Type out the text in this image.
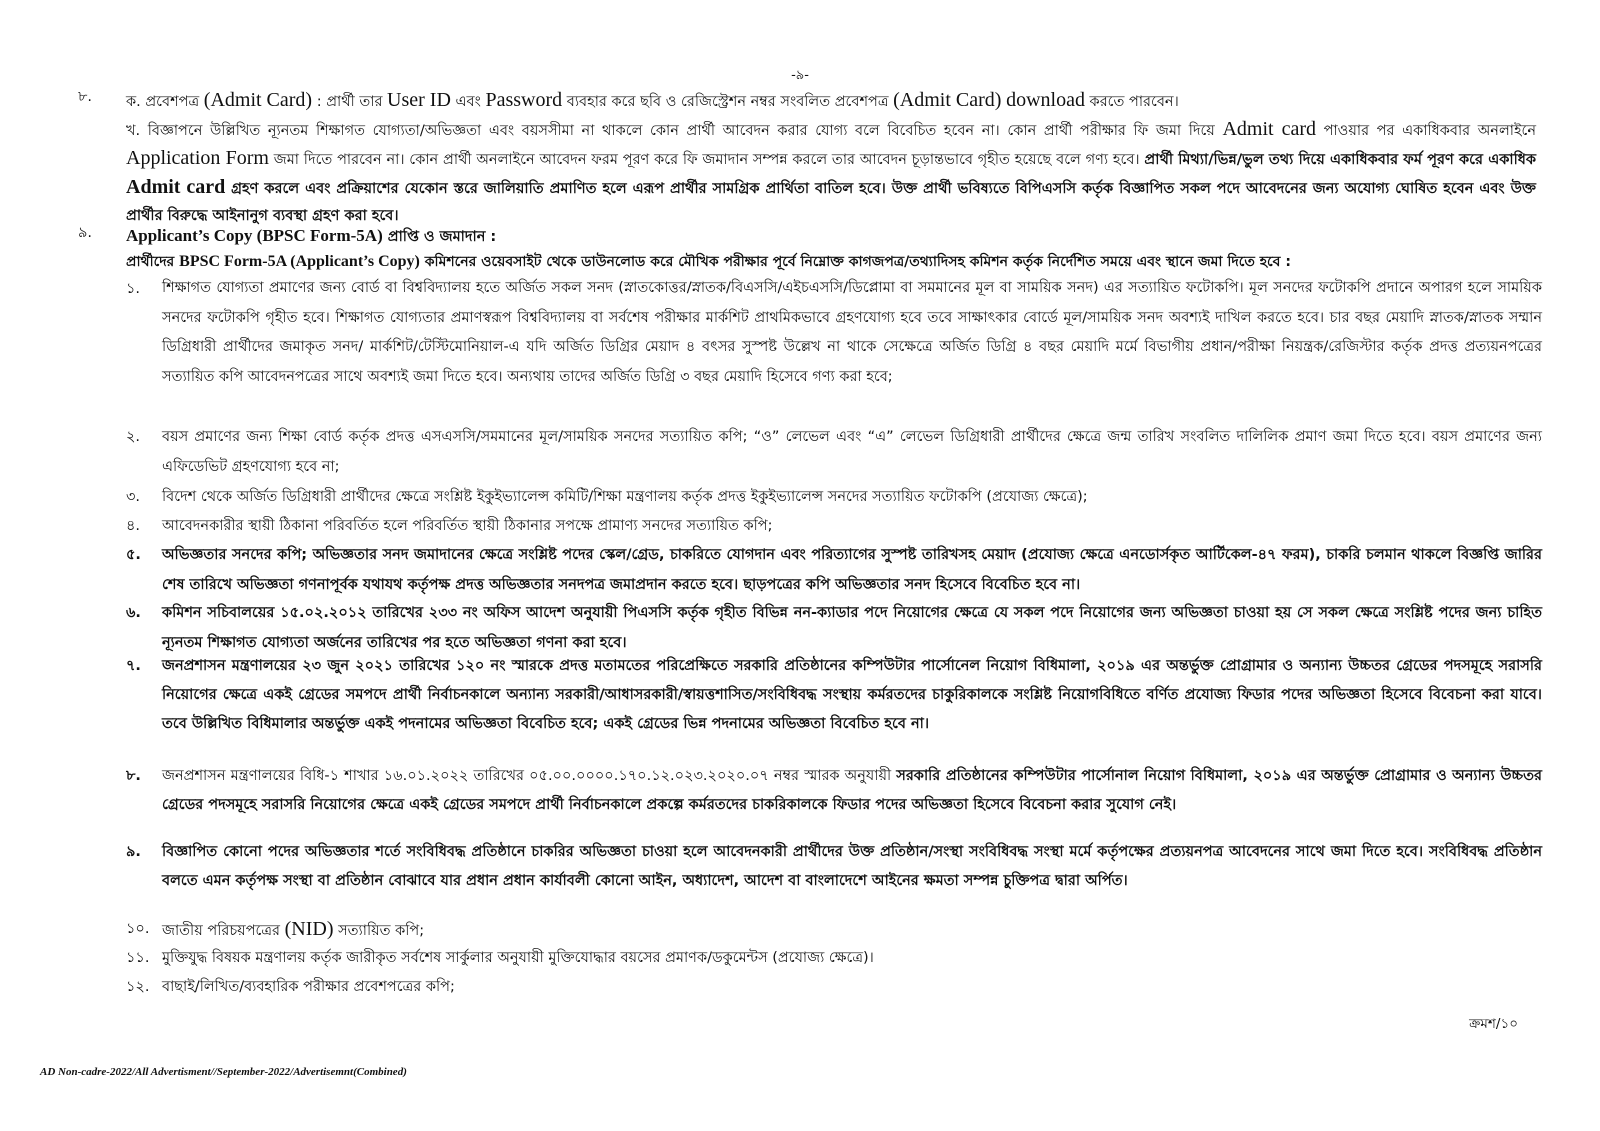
-৯-
৮. ক. প্রবেশপত্র (Admit Card) : প্রার্থী তার User ID এবং Password ব্যবহার করে ছবি ও রেজিস্ট্রেশন নম্বর সংবলিত প্রবেশপত্র (Admit Card) download করতে পারবেন।
খ. বিজ্ঞাপনে উল্লিখিত ন্যূনতম শিক্ষাগত যোগ্যতা/অভিজ্ঞতা এবং বয়সসীমা না থাকলে কোন প্রার্থী আবেদন করার যোগ্য বলে বিবেচিত হবেন না। কোন প্রার্থী পরীক্ষার ফি জমা দিয়ে Admit card পাওয়ার পর একাধিকবার অনলাইনে Application Form জমা দিতে পারবেন না। কোন প্রার্থী অনলাইনে আবেদন ফরম পূরণ করে ফি জমাদান সম্পন্ন করলে তার আবেদন চূড়ান্তভাবে গৃহীত হয়েছে বলে গণ্য হবে। প্রার্থী মিথ্যা/ভিন্ন/ভুল তথ্য দিয়ে একাধিকবার ফর্ম পূরণ করে একাধিক Admit card গ্রহণ করলে এবং প্রক্রিয়াশের যেকোন স্তরে জালিয়াতি প্রমাণিত হলে এরূপ প্রার্থীর সামগ্রিক প্রার্থিতা বাতিল হবে। উক্ত প্রার্থী ভবিষ্যতে বিপিএসসি কর্তৃক বিজ্ঞাপিত সকল পদে আবেদনের জন্য অযোগ্য ঘোষিত হবেন এবং উক্ত প্রার্থীর বিরুদ্ধে আইনানুগ ব্যবস্থা গ্রহণ করা হবে।
৯. Applicant’s Copy (BPSC Form-5A) প্রাপ্তি ও জমাদান :
প্রার্থীদের BPSC Form-5A (Applicant’s Copy) কমিশনের ওয়েবসাইট থেকে ডাউনলোড করে মৌখিক পরীক্ষার পূর্বে নিম্নোক্ত কাগজপত্র/তথ্যাদিসহ কমিশন কর্তৃক নির্দেশিত সময়ে এবং স্থানে জমা দিতে হবে :
১.	শিক্ষাগত যোগ্যতা প্রমাণের জন্য বোর্ড বা বিশ্ববিদ্যালয় হতে অর্জিত সকল সনদ (স্নাতকোত্তর/স্নাতক/বিএসসি/এইচএসসি/ডিপ্লোমা বা সমমানের মূল বা সাময়িক সনদ) এর সত্যায়িত ফটোকপি। মূল সনদের ফটোকপি প্রদানে অপারগ হলে সাময়িক সনদের ফটোকপি গৃহীত হবে। শিক্ষাগত যোগ্যতার প্রমাণস্বরূপ বিশ্ববিদ্যালয় বা সর্বশেষ পরীক্ষার মার্কশিট প্রাথমিকভাবে গ্রহণযোগ্য হবে তবে সাক্ষাৎকার বোর্ডে মূল/সাময়িক সনদ অবশ্যই দাখিল করতে হবে। চার বছর মেয়াদি স্নাতক/স্নাতক সম্মান ডিগ্রিধারী প্রার্থীদের জমাকৃত সনদ/ মার্কশিট/টেস্টিমোনিয়াল-এ যদি অর্জিত ডিগ্রির মেয়াদ ৪ বৎসর সুস্পষ্ট উল্লেখ না থাকে সেক্ষেত্রে অর্জিত ডিগ্রি ৪ বছর মেয়াদি মর্মে বিভাগীয় প্রধান/পরীক্ষা নিয়ন্ত্রক/রেজিস্টার কর্তৃক প্রদত্ত প্রত্যয়নপত্রের সত্যায়িত কপি আবেদনপত্রের সাথে অবশ্যই জমা দিতে হবে। অন্যথায় তাদের অর্জিত ডিগ্রি ৩ বছর মেয়াদি হিসেবে গণ্য করা হবে;
২.	বয়স প্রমাণের জন্য শিক্ষা বোর্ড কর্তৃক প্রদত্ত এসএসসি/সমমানের মূল/সাময়িক সনদের সত্যায়িত কপি; “ও” লেভেল এবং “এ” লেভেল ডিগ্রিধারী প্রার্থীদের ক্ষেত্রে জন্ম তারিখ সংবলিত দালিলিক প্রমাণ জমা দিতে হবে। বয়স প্রমাণের জন্য এফিডেভিট গ্রহণযোগ্য হবে না;
৩.	বিদেশ থেকে অর্জিত ডিগ্রিধারী প্রার্থীদের ক্ষেত্রে সংশ্লিষ্ট ইকুইভ্যালেন্স কমিটি/শিক্ষা মন্ত্রণালয় কর্তৃক প্রদত্ত ইকুইভ্যালেন্স সনদের সত্যায়িত ফটোকপি (প্রযোজ্য ক্ষেত্রে);
৪.	আবেদনকারীর স্থায়ী ঠিকানা পরিবর্তিত হলে পরিবর্তিত স্থায়ী ঠিকানার সপক্ষে প্রামাণ্য সনদের সত্যায়িত কপি;
৫.	অভিজ্ঞতার সনদের কপি; অভিজ্ঞতার সনদ জমাদানের ক্ষেত্রে সংশ্লিষ্ট পদের স্কেল/গ্রেড, চাকরিতে যোগদান এবং পরিত্যাগের সুস্পষ্ট তারিখসহ মেয়াদ (প্রযোজ্য ক্ষেত্রে এনডোর্সকৃত আর্টিকেল-৪৭ ফরম), চাকরি চলমান থাকলে বিজ্ঞপ্তি জারির শেষ তারিখে অভিজ্ঞতা গণনাপূর্বক যথাযথ কর্তৃপক্ষ প্রদত্ত অভিজ্ঞতার সনদপত্র জমাপ্রদান করতে হবে। ছাড়পত্রের কপি অভিজ্ঞতার সনদ হিসেবে বিবেচিত হবে না।
৬.	কমিশন সচিবালয়ের ১৫.০২.২০১২ তারিখের ২৩৩ নং অফিস আদেশ অনুযায়ী পিএসসি কর্তৃক গৃহীত বিভিন্ন নন-ক্যাডার পদে নিয়োগের ক্ষেত্রে যে সকল পদে নিয়োগের জন্য অভিজ্ঞতা চাওয়া হয় সে সকল ক্ষেত্রে সংশ্লিষ্ট পদের জন্য চাহিত ন্যূনতম শিক্ষাগত যোগ্যতা অর্জনের তারিখের পর হতে অভিজ্ঞতা গণনা করা হবে।
৭.	জনপ্রশাসন মন্ত্রণালয়ের ২৩ জুন ২০২১ তারিখের ১২০ নং স্মারকে প্রদত্ত মতামতের পরিপ্রেক্ষিতে সরকারি প্রতিষ্ঠানের কম্পিউটার পার্সোনেল নিয়োগ বিধিমালা, ২০১৯ এর অন্তর্ভুক্ত প্রোগ্রামার ও অন্যান্য উচ্চতর গ্রেডের পদসমূহে সরাসরি নিয়োগের ক্ষেত্রে একই গ্রেডের সমপদে প্রার্থী নির্বাচনকালে অন্যান্য সরকারী/আধাসরকারী/স্বায়ত্তশাসিত/সংবিধিবদ্ধ সংস্থায় কর্মরতদের চাকুরিকালকে সংশ্লিষ্ট নিয়োগবিধিতে বর্ণিত প্রযোজ্য ফিডার পদের অভিজ্ঞতা হিসেবে বিবেচনা করা যাবে। তবে উল্লিখিত বিধিমালার অন্তর্ভুক্ত একই পদনামের অভিজ্ঞতা বিবেচিত হবে; একই গ্রেডের ভিন্ন পদনামের অভিজ্ঞতা বিবেচিত হবে না।
৮.	জনপ্রশাসন মন্ত্রণালয়ের বিধি-১ শাখার ১৬.০১.২০২২ তারিখের ০৫.০০.০০০০.১৭০.১২.০২৩.২০২০.০৭ নম্বর স্মারক অনুযায়ী সরকারি প্রতিষ্ঠানের কম্পিউটার পার্সোনাল নিয়োগ বিধিমালা, ২০১৯ এর অন্তর্ভুক্ত প্রোগ্রামার ও অন্যান্য উচ্চতর গ্রেডের পদসমূহে সরাসরি নিয়োগের ক্ষেত্রে একই গ্রেডের সমপদে প্রার্থী নির্বাচনকালে প্রকল্পে কর্মরতদের চাকরিকালকে ফিডার পদের অভিজ্ঞতা হিসেবে বিবেচনা করার সুযোগ নেই।
৯.	বিজ্ঞাপিত কোনো পদের অভিজ্ঞতার শর্তে সংবিধিবদ্ধ প্রতিষ্ঠানে চাকরির অভিজ্ঞতা চাওয়া হলে আবেদনকারী প্রার্থীদের উক্ত প্রতিষ্ঠান/সংস্থা সংবিধিবদ্ধ সংস্থা মর্মে কর্তৃপক্ষের প্রত্যয়নপত্র আবেদনের সাথে জমা দিতে হবে। সংবিধিবদ্ধ প্রতিষ্ঠান বলতে এমন কর্তৃপক্ষ সংস্থা বা প্রতিষ্ঠান বোঝাবে যার প্রধান প্রধান কার্যাবলী কোনো আইন, অধ্যাদেশ, আদেশ বা বাংলাদেশে আইনের ক্ষমতা সম্পন্ন চুক্তিপত্র দ্বারা অর্পিত।
১০. জাতীয় পরিচয়পত্রের (NID) সত্যায়িত কপি;
১১. মুক্তিযুদ্ধ বিষয়ক মন্ত্রণালয় কর্তৃক জারীকৃত সর্বশেষ সার্কুলার অনুযায়ী মুক্তিযোদ্ধার বয়সের প্রমাণক/ডকুমেন্টস (প্রযোজ্য ক্ষেত্রে)।
১২. বাছাই/লিখিত/ব্যবহারিক পরীক্ষার প্রবেশপত্রের কপি;
ক্রমশ/১০
AD Non-cadre-2022/All Advertisment//September-2022/Advertisemnt(Combined)
